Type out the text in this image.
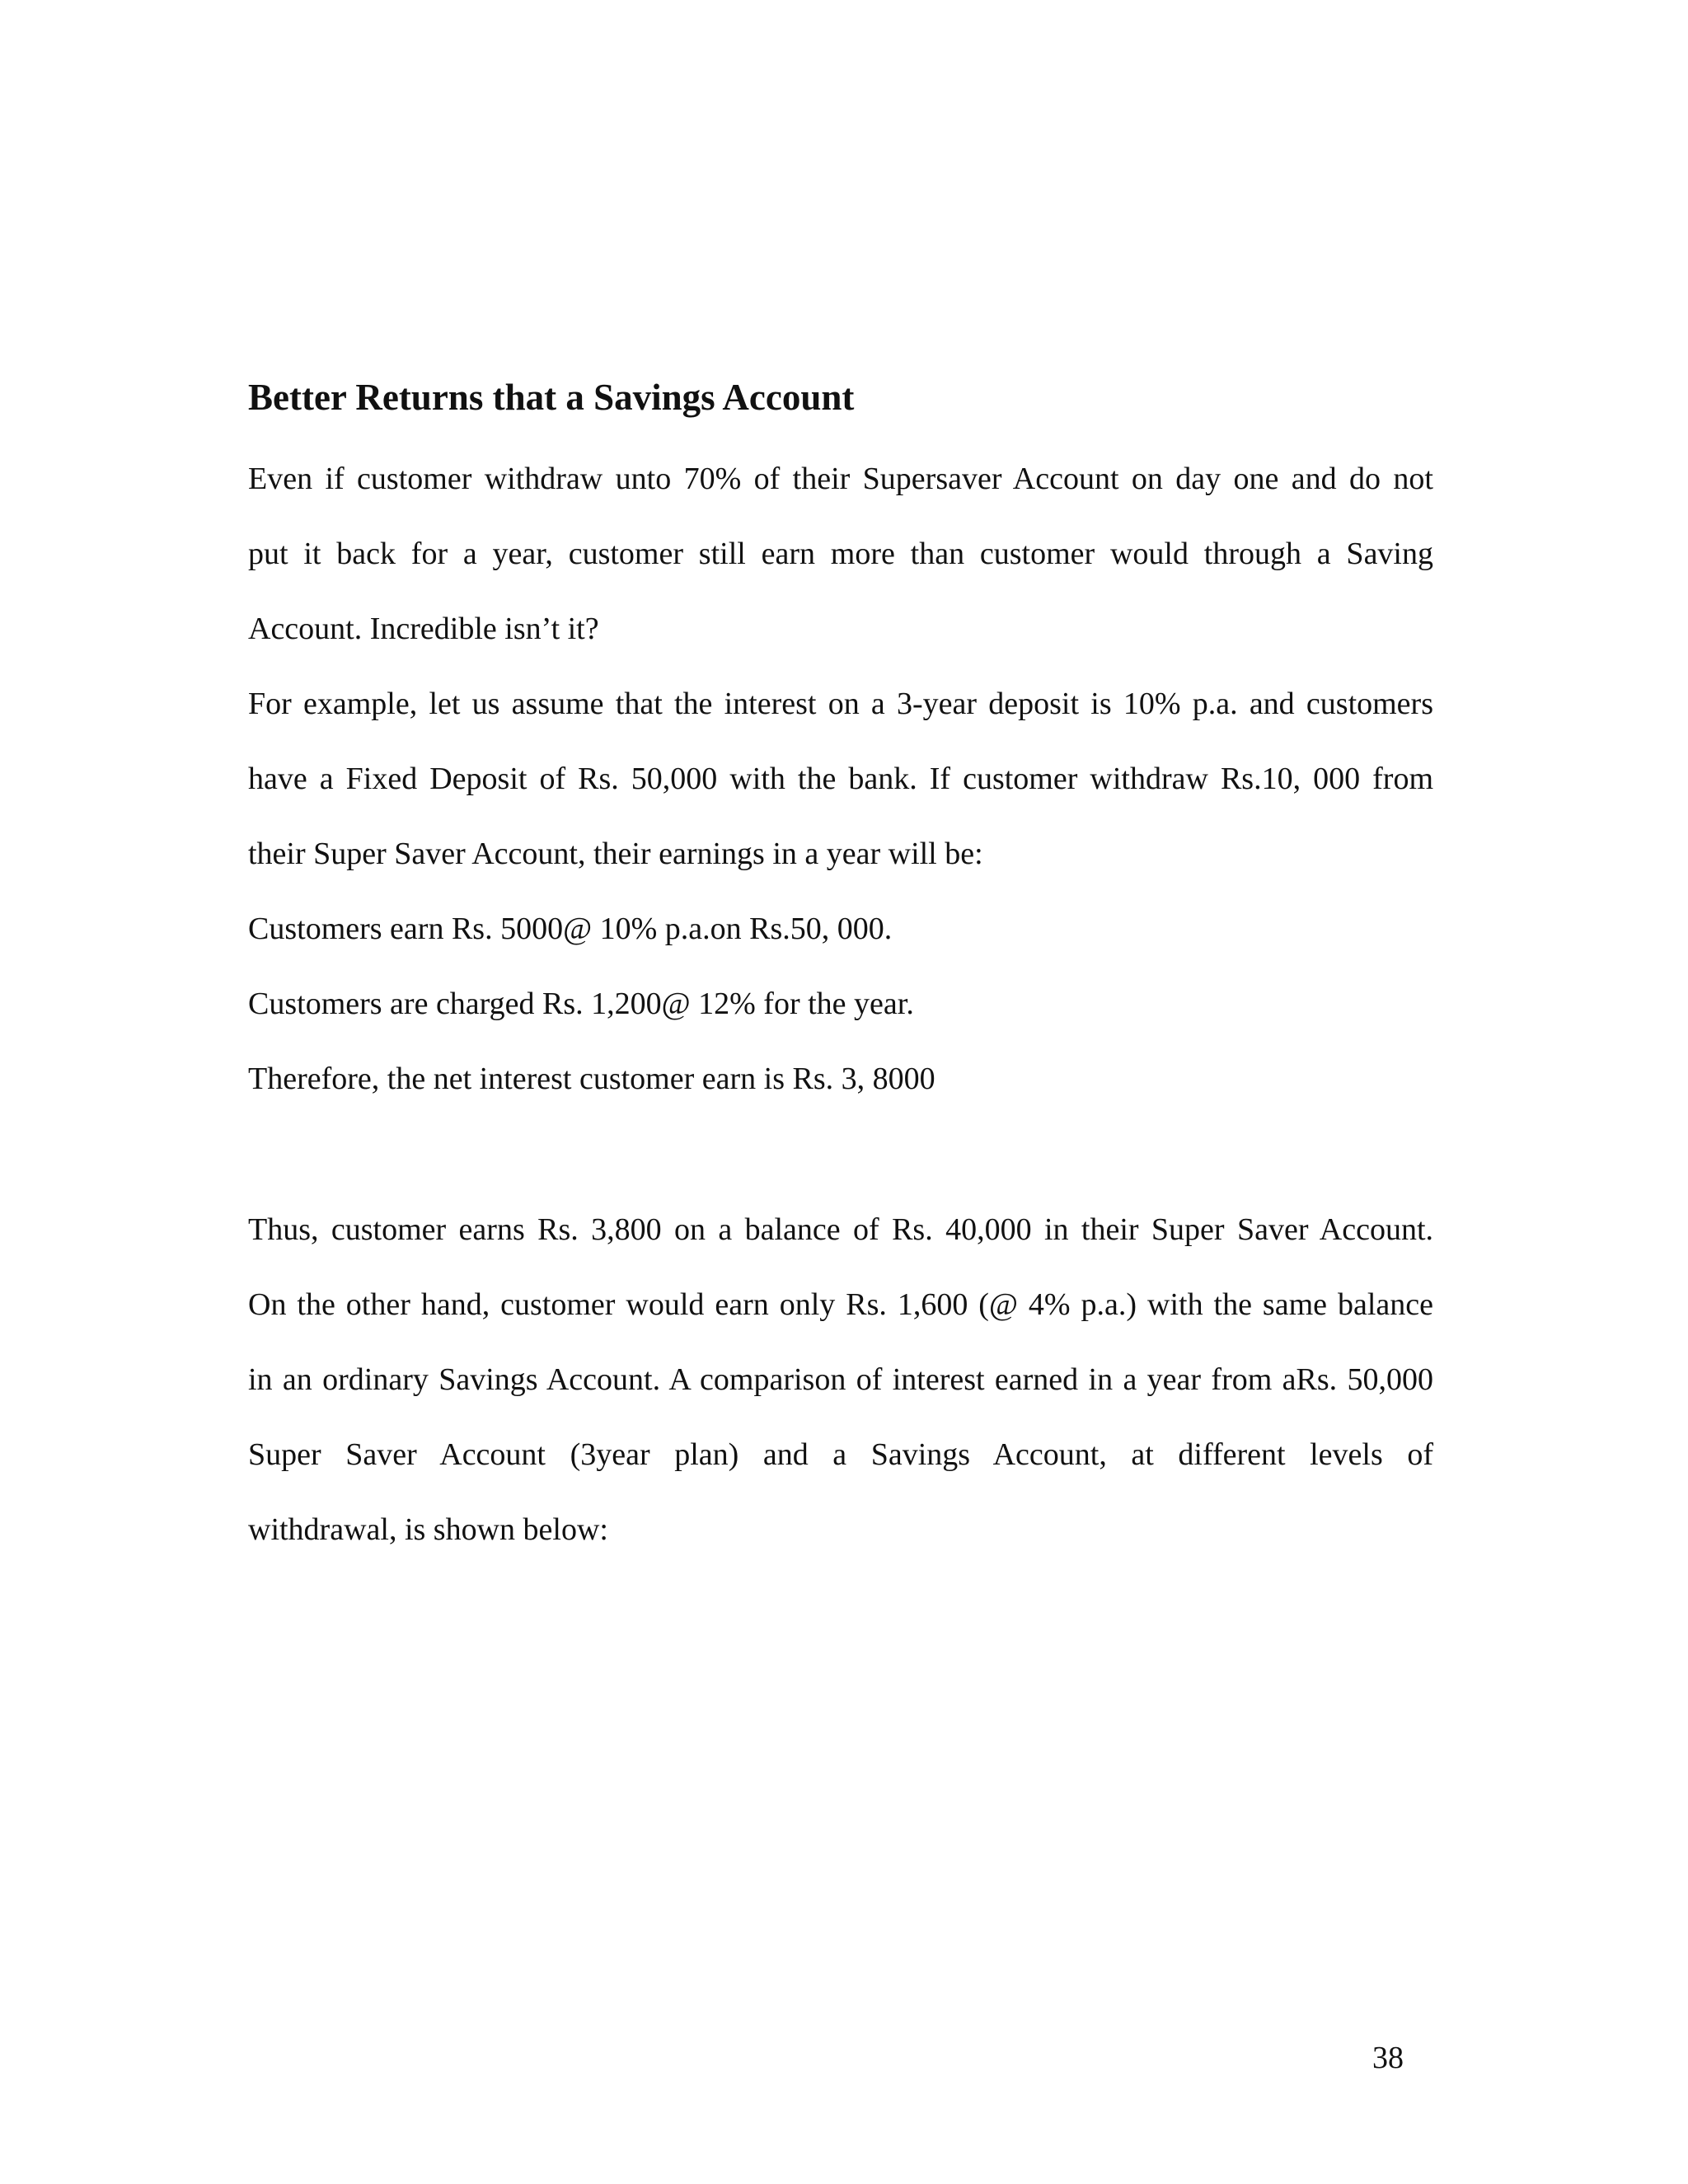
Better Returns that a Savings Account
Even if customer withdraw unto 70% of their Supersaver Account on day one and do not
put it back for a year, customer still earn more than customer would through a Saving
Account. Incredible isn’t it?
For example, let us assume that the interest on a 3-year deposit is 10% p.a. and customers
have a Fixed Deposit of Rs. 50,000 with the bank. If customer withdraw Rs.10, 000 from
their Super Saver Account, their earnings in a year will be:
Customers earn Rs. 5000@ 10% p.a.on Rs.50, 000.
Customers are charged Rs. 1,200@ 12% for the year.
Therefore, the net interest customer earn is Rs. 3, 8000
Thus, customer earns Rs. 3,800 on a balance of Rs. 40,000 in their Super Saver Account.
On the other hand, customer would earn only Rs. 1,600 (@ 4% p.a.) with the same balance
in an ordinary Savings Account. A comparison of interest earned in a year from aRs. 50,000
Super Saver Account (3year plan) and a Savings Account, at different levels of
withdrawal, is shown below:
38
